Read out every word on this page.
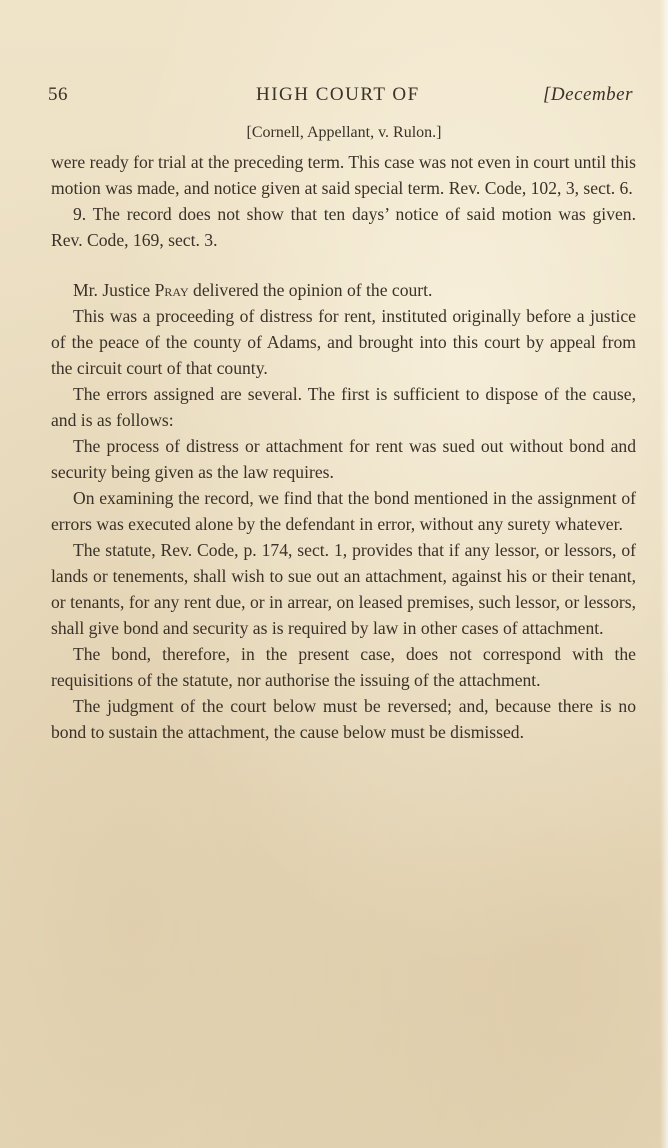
56	HIGH COURT OF	[December
[Cornell, Appellant, v. Rulon.]

were ready for trial at the preceding term. This case was not even in court until this motion was made, and notice given at said special term. Rev. Code, 102, 3, sect. 6.

9. The record does not show that ten days’ notice of said motion was given. Rev. Code, 169, sect. 3.

Mr. Justice Pray delivered the opinion of the court.

This was a proceeding of distress for rent, instituted originally before a justice of the peace of the county of Adams, and brought into this court by appeal from the circuit court of that county.

The errors assigned are several. The first is sufficient to dispose of the cause, and is as follows:

The process of distress or attachment for rent was sued out without bond and security being given as the law requires.

On examining the record, we find that the bond mentioned in the assignment of errors was executed alone by the defendant in error, without any surety whatever.

The statute, Rev. Code, p. 174, sect. 1, provides that if any lessor, or lessors, of lands or tenements, shall wish to sue out an attachment, against his or their tenant, or tenants, for any rent due, or in arrear, on leased premises, such lessor, or lessors, shall give bond and security as is required by law in other cases of attachment.

The bond, therefore, in the present case, does not correspond with the requisitions of the statute, nor authorise the issuing of the attachment.

The judgment of the court below must be reversed; and, because there is no bond to sustain the attachment, the cause below must be dismissed.
